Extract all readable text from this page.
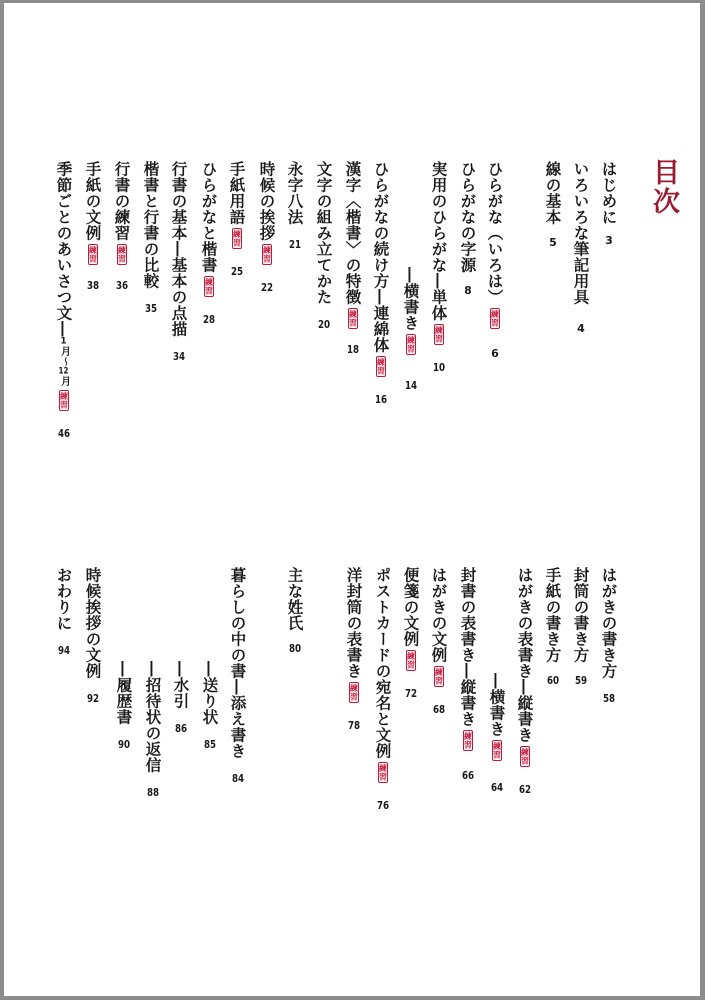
目次
はじめに3
いろいろな筆記用具4
線の基本5
ひらがな（いろは）練習6
ひらがなの字源8
実用のひらがな―単体練習10
―横書き練習14
ひらがなの続け方―連綿体練習16
漢字〈楷書〉の特徴練習18
文字の組み立てかた20
永字八法21
時候の挨拶練習22
手紙用語練習25
ひらがなと楷書練習28
行書の基本―基本の点描34
楷書と行書の比較35
行書の練習練習36
手紙の文例練習38
季節ごとのあいさつ文―1月～12月練習46
はがきの書き方58
封筒の書き方59
手紙の書き方60
はがきの表書き―縦書き練習62
―横書き練習64
封書の表書き―縦書き練習66
はがきの文例練習68
便箋の文例練習72
ポストカードの宛名と文例練習76
洋封筒の表書き練習78
主な姓氏80
暮らしの中の書―添え書き84
―送り状85
―水引86
―招待状の返信88
―履歴書90
時候挨拶の文例92
おわりに94
